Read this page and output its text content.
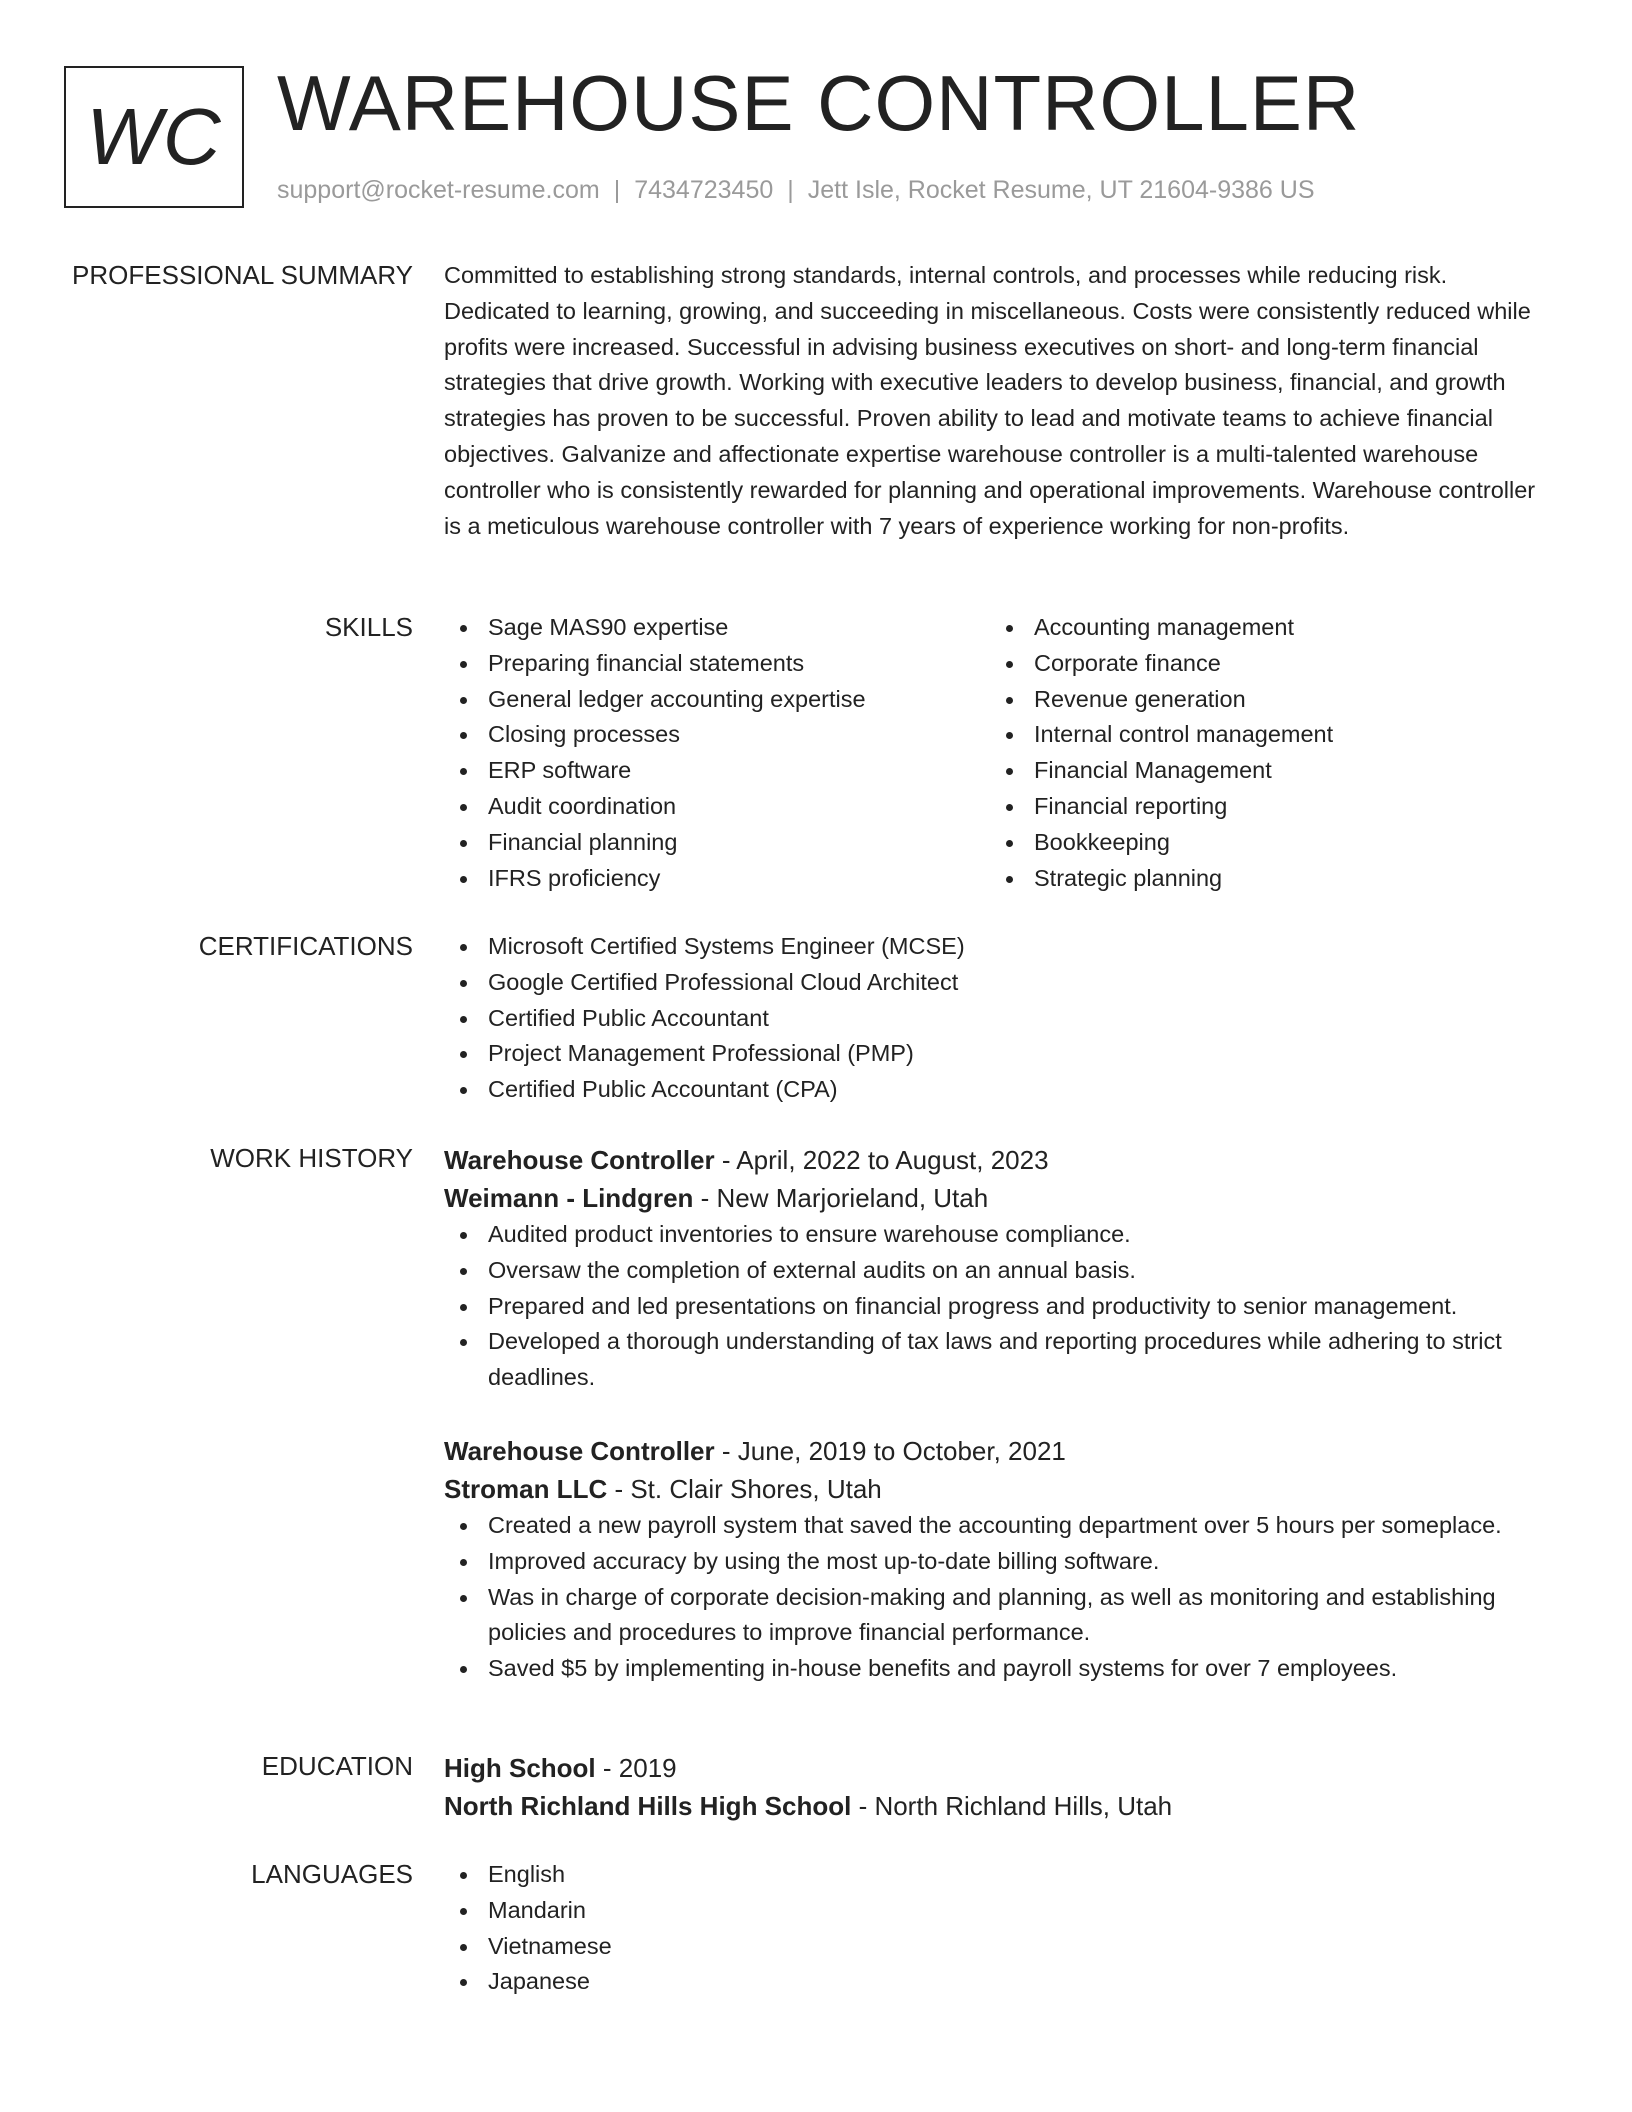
WC WAREHOUSE CONTROLLER
support@rocket-resume.com | 7434723450 | Jett Isle, Rocket Resume, UT 21604-9386 US
PROFESSIONAL SUMMARY Committed to establishing strong standards, internal controls, and processes while reducing risk. Dedicated to learning, growing, and succeeding in miscellaneous. Costs were consistently reduced while profits were increased. Successful in advising business executives on short- and long-term financial strategies that drive growth. Working with executive leaders to develop business, financial, and growth strategies has proven to be successful. Proven ability to lead and motivate teams to achieve financial objectives. Galvanize and affectionate expertise warehouse controller is a multi-talented warehouse controller who is consistently rewarded for planning and operational improvements. Warehouse controller is a meticulous warehouse controller with 7 years of experience working for non-profits.

SKILLS	Sage MAS90 expertise
Preparing financial statements
General ledger accounting expertise
Closing processes
ERP software
Audit coordination
Financial planning
IFRS proficiency
Accounting management
Corporate finance
Revenue generation
Internal control management
Financial Management
Financial reporting
Bookkeeping
Strategic planning
CERTIFICATIONS	Microsoft Certified Systems Engineer (MCSE)
Google Certified Professional Cloud Architect
Certified Public Accountant
Project Management Professional (PMP)
Certified Public Accountant (CPA)
WORK HISTORY Warehouse Controller - April, 2022 to August, 2023
Weimann - Lindgren - New Marjorieland, Utah
Audited product inventories to ensure warehouse compliance.
Oversaw the completion of external audits on an annual basis.
Prepared and led presentations on financial progress and productivity to senior management.
Developed a thorough understanding of tax laws and reporting procedures while adhering to strict deadlines.
Warehouse Controller - June, 2019 to October, 2021
Stroman LLC - St. Clair Shores, Utah
Created a new payroll system that saved the accounting department over 5 hours per someplace.
Improved accuracy by using the most up-to-date billing software.
Was in charge of corporate decision-making and planning, as well as monitoring and establishing policies and procedures to improve financial performance.
Saved $5 by implementing in-house benefits and payroll systems for over 7 employees.
EDUCATION High School - 2019
North Richland Hills High School - North Richland Hills, Utah
LANGUAGES	English
Mandarin
Vietnamese
Japanese
